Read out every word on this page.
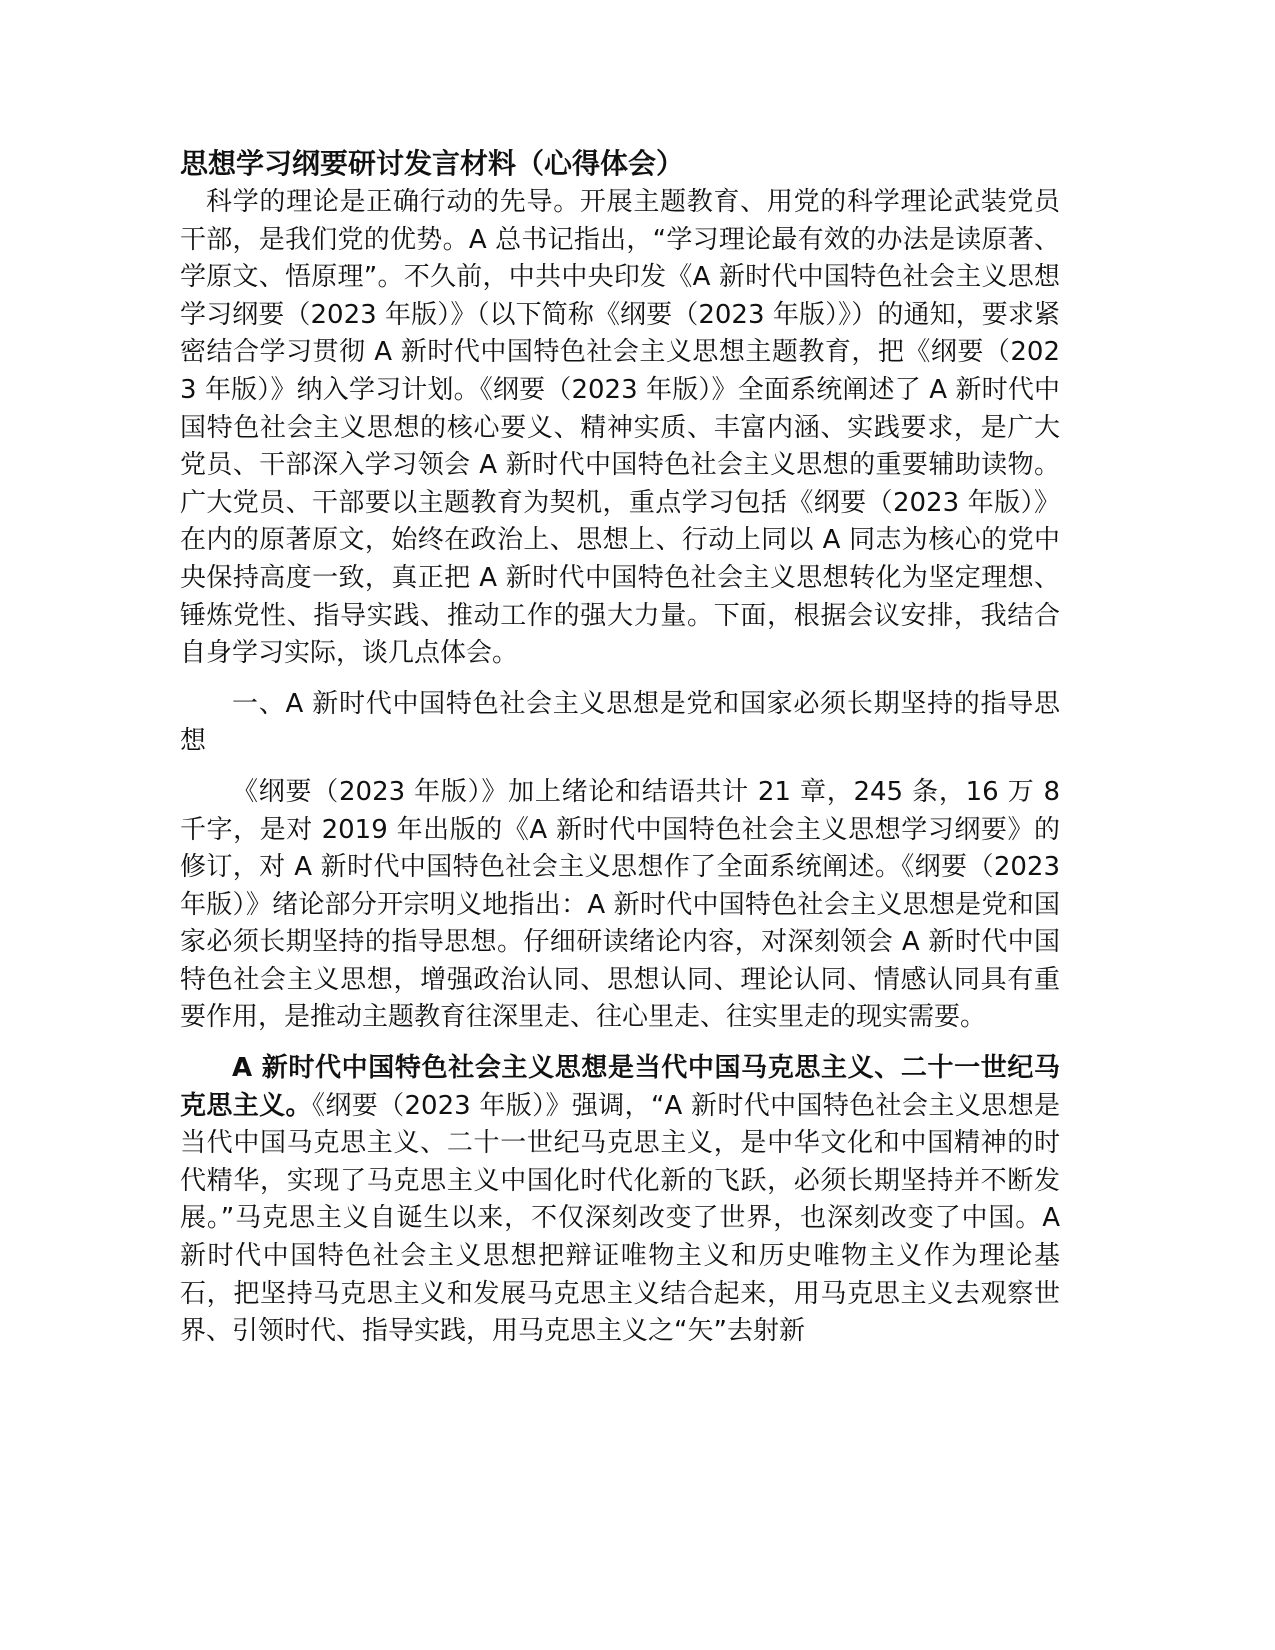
思想学习纲要研讨发言材料（心得体会）

科学的理论是正确行动的先导。开展主题教育、用党的科学理论武装党员干部，是我们党的优势。A 总书记指出，“学习理论最有效的办法是读原著、学原文、悟原理”。不久前，中共中央印发《A 新时代中国特色社会主义思想学习纲要（2023 年版）》（以下简称《纲要（2023 年版）》）的通知，要求紧密结合学习贯彻 A 新时代中国特色社会主义思想主题教育，把《纲要（2023 年版）》纳入学习计划。《纲要（2023 年版）》全面系统阐述了 A 新时代中国特色社会主义思想的核心要义、精神实质、丰富内涵、实践要求，是广大党员、干部深入学习领会 A 新时代中国特色社会主义思想的重要辅助读物。广大党员、干部要以主题教育为契机，重点学习包括《纲要（2023 年版）》在内的原著原文，始终在政治上、思想上、行动上同以 A 同志为核心的党中央保持高度一致，真正把 A 新时代中国特色社会主义思想转化为坚定理想、锤炼党性、指导实践、推动工作的强大力量。下面，根据会议安排，我结合自身学习实际，谈几点体会。

一、A 新时代中国特色社会主义思想是党和国家必须长期坚持的指导思想

《纲要（2023 年版）》加上绪论和结语共计 21 章，245 条，16 万 8 千字，是对 2019 年出版的《A 新时代中国特色社会主义思想学习纲要》的修订，对 A 新时代中国特色社会主义思想作了全面系统阐述。《纲要（2023 年版）》绪论部分开宗明义地指出：A 新时代中国特色社会主义思想是党和国家必须长期坚持的指导思想。仔细研读绪论内容，对深刻领会 A 新时代中国特色社会主义思想，增强政治认同、思想认同、理论认同、情感认同具有重要作用，是推动主题教育往深里走、往心里走、往实里走的现实需要。

A 新时代中国特色社会主义思想是当代中国马克思主义、二十一世纪马克思主义。《纲要（2023 年版）》强调，“A 新时代中国特色社会主义思想是当代中国马克思主义、二十一世纪马克思主义，是中华文化和中国精神的时代精华，实现了马克思主义中国化时代化新的飞跃，必须长期坚持并不断发展。”马克思主义自诞生以来，不仅深刻改变了世界，也深刻改变了中国。A 新时代中国特色社会主义思想把辩证唯物主义和历史唯物主义作为理论基石，把坚持马克思主义和发展马克思主义结合起来，用马克思主义去观察世界、引领时代、指导实践，用马克思主义之“矢”去射新
